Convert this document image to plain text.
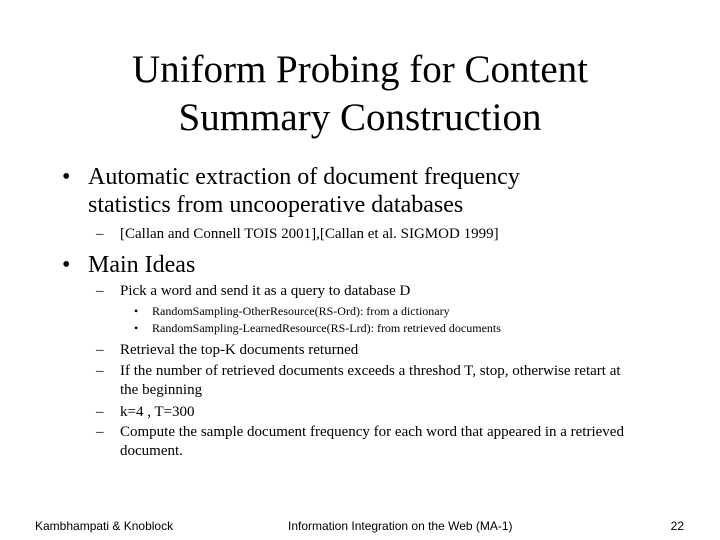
Uniform Probing for Content
Summary Construction
• Automatic extraction of document frequency
statistics from uncooperative databases
– [Callan and Connell TOIS 2001],[Callan et al. SIGMOD 1999]
• Main Ideas
– Pick a word and send it as a query to database D
• RandomSampling-OtherResource(RS-Ord): from a dictionary
• RandomSampling-LearnedResource(RS-Lrd): from retrieved documents
– Retrieval the top-K documents returned
– If the number of retrieved documents exceeds a threshod T, stop, otherwise retart at
the beginning
– k=4 , T=300
– Compute the sample document frequency for each word that appeared in a retrieved
document.
Kambhampati & Knoblock	Information Integration on the Web (MA-1)	22
